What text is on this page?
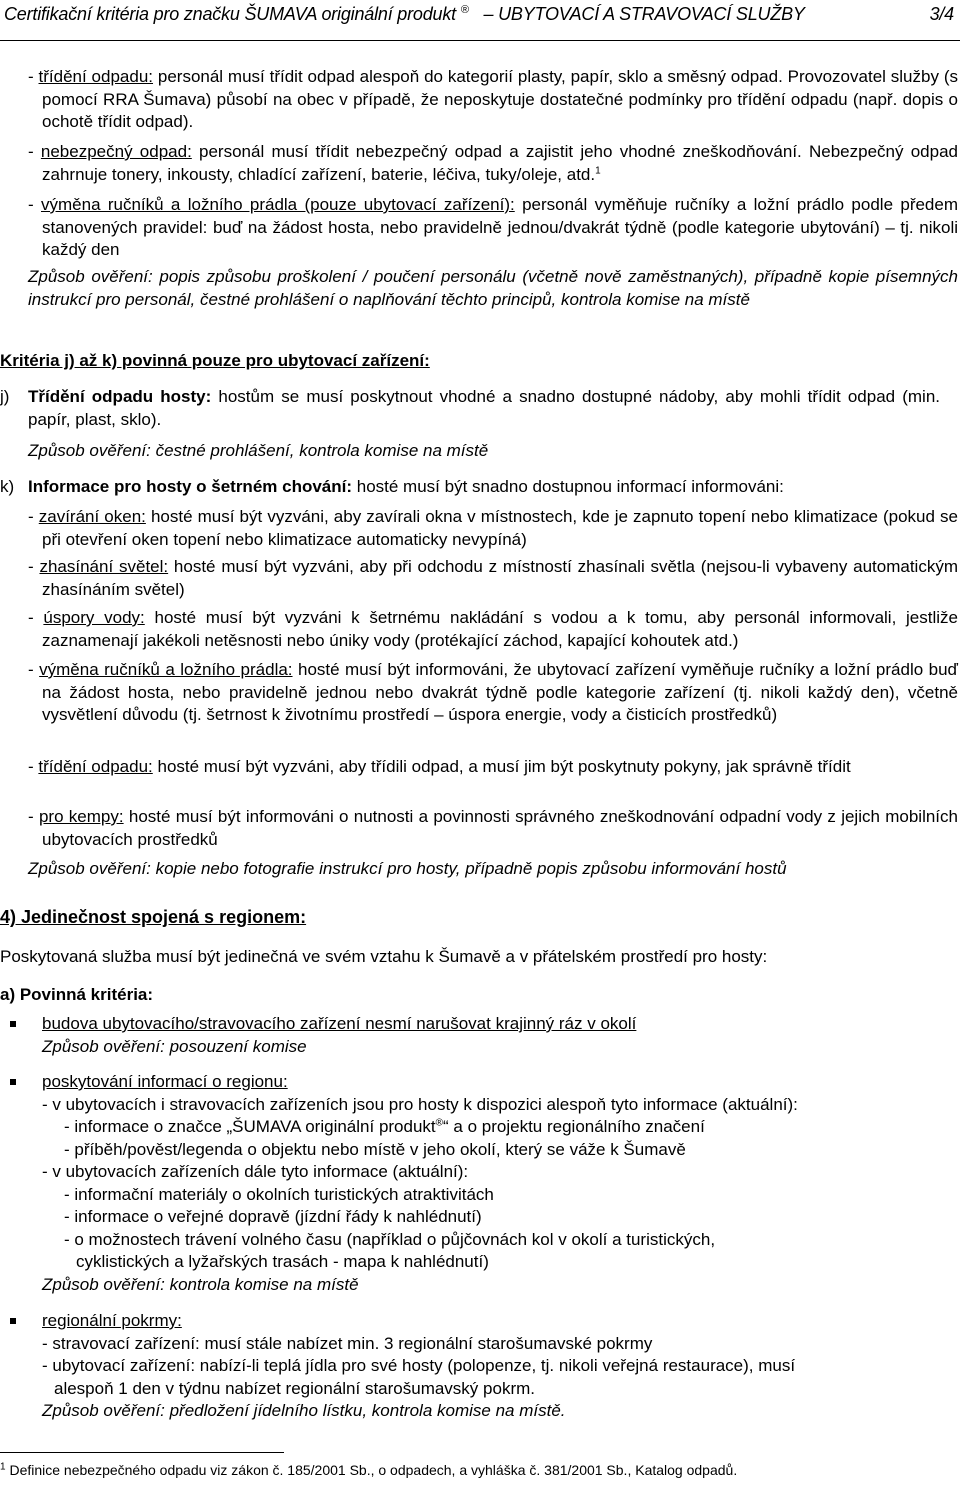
Certifikační kritéria pro značku ŠUMAVA originální produkt ® – UBYTOVACÍ A STRAVOVACÍ SLUŽBY	3/4

- třídění odpadu: personál musí třídit odpad alespoň do kategorií plasty, papír, sklo a směsný odpad. Provozovatel služby (s pomocí RRA Šumava) působí na obec v případě, že neposkytuje dostatečné podmínky pro třídění odpadu (např. dopis o ochotě třídit odpad).

- nebezpečný odpad: personál musí třídit nebezpečný odpad a zajistit jeho vhodné zneškodňování. Nebezpečný odpad zahrnuje tonery, inkousty, chladící zařízení, baterie, léčiva, tuky/oleje, atd.$^1$

- výměna ručníků a ložního prádla (pouze ubytovací zařízení): personál vyměňuje ručníky a ložní prádlo podle předem stanovených pravidel: buď na žádost hosta, nebo pravidelně jednou/dvakrát týdně (podle kategorie ubytování) – tj. nikoli každý den

Způsob ověření: popis způsobu proškolení / poučení personálu (včetně nově zaměstnaných), případně kopie písemných instrukcí pro personál, čestné prohlášení o naplňování těchto principů, kontrola komise na místě
Kritéria j) až k) povinná pouze pro ubytovací zařízení:
j) Třídění odpadu hosty: hostům se musí poskytnout vhodné a snadno dostupné nádoby, aby mohli třídit odpad (min. papír, plast, sklo).

Způsob ověření: čestné prohlášení, kontrola komise na místě
k) Informace pro hosty o šetrném chování: hosté musí být snadno dostupnou informací informováni:

- zavírání oken: hosté musí být vyzváni, aby zavírali okna v místnostech, kde je zapnuto topení nebo klimatizace (pokud se při otevření oken topení nebo klimatizace automaticky nevypíná)

- zhasínání světel: hosté musí být vyzváni, aby při odchodu z místností zhasínali světla (nejsou-li vybaveny automatickým zhasínáním světel)

- úspory vody: hosté musí být vyzváni k šetrnému nakládání s vodou a k tomu, aby personál informovali, jestliže zaznamenají jakékoli netěsnosti nebo úniky vody (protékající záchod, kapající kohoutek atd.)

- výměna ručníků a ložního prádla: hosté musí být informováni, že ubytovací zařízení vyměňuje ručníky a ložní prádlo buď na žádost hosta, nebo pravidelně jednou nebo dvakrát týdně podle kategorie zařízení (tj. nikoli každý den), včetně vysvětlení důvodu (tj. šetrnost k životnímu prostředí – úspora energie, vody a čisticích prostředků)

- třídění odpadu: hosté musí být vyzváni, aby třídili odpad, a musí jim být poskytnuty pokyny, jak správně třídit

- pro kempy: hosté musí být informováni o nutnosti a povinnosti správného zneškodnování odpadní vody z jejich mobilních ubytovacích prostředků

Způsob ověření: kopie nebo fotografie instrukcí pro hosty, případně popis způsobu informování hostů
4) Jedinečnost spojená s regionem:
Poskytovaná služba musí být jedinečná ve svém vztahu k Šumavě a v přátelském prostředí pro hosty:
a) Povinná kritéria:

budova ubytovacího/stravovacího zařízení nesmí narušovat krajinný ráz v okolí

Způsob ověření: posouzení komise

poskytování informací o regionu:

- v ubytovacích i stravovacích zařízeních jsou pro hosty k dispozici alespoň tyto informace (aktuální):

- informace o značce „ŠUMAVA originální produkt®“ a o projektu regionálního značení

- příběh/pověst/legenda o objektu nebo místě v jeho okolí, který se váže k Šumavě

- v ubytovacích zařízeních dále tyto informace (aktuální):

- informační materiály o okolních turistických atraktivitách

- informace o veřejné dopravě (jízdní řády k nahlédnutí)

- o možnostech trávení volného času (například o půjčovnách kol v okolí a turistických,

cyklistických a lyžařských trasách - mapa k nahlédnutí)

Způsob ověření: kontrola komise na místě

regionální pokrmy:

- stravovací zařízení: musí stále nabízet min. 3 regionální starošumavské pokrmy

- ubytovací zařízení: nabízí-li teplá jídla pro své hosty (polopenze, tj. nikoli veřejná restaurace), musí

alespoň 1 den v týdnu nabízet regionální starošumavský pokrm.

Způsob ověření: předložení jídelního lístku, kontrola komise na místě.

$^1$ Definice nebezpečného odpadu viz zákon č. 185/2001 Sb., o odpadech, a vyhláška č. 381/2001 Sb., Katalog odpadů.
